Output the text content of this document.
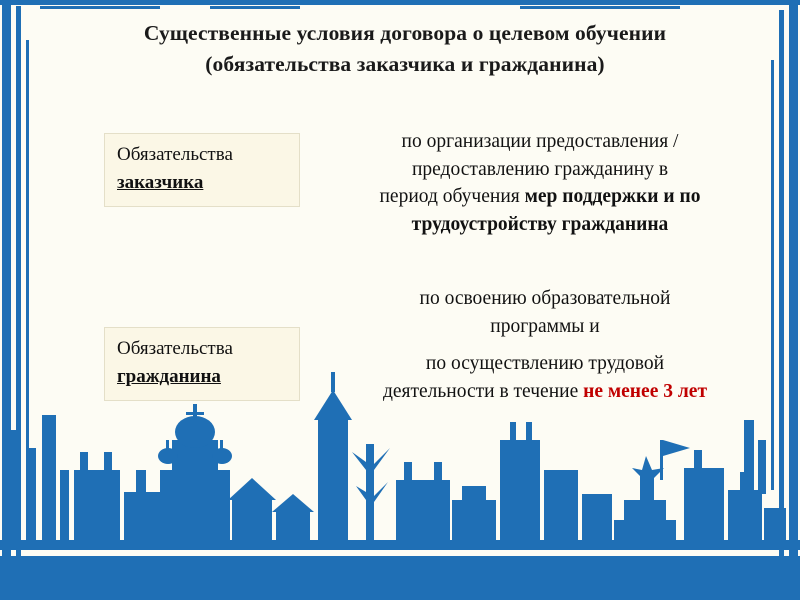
Существенные условия договора о целевом обучении
(обязательства заказчика и гражданина)
Обязательства
заказчика
по организации предоставления /
предоставлению гражданину в
период обучения мер поддержки и по
трудоустройству гражданина
Обязательства
гражданина
по освоению образовательной
программы и
по осуществлению трудовой
деятельности в течение не менее 3 лет
